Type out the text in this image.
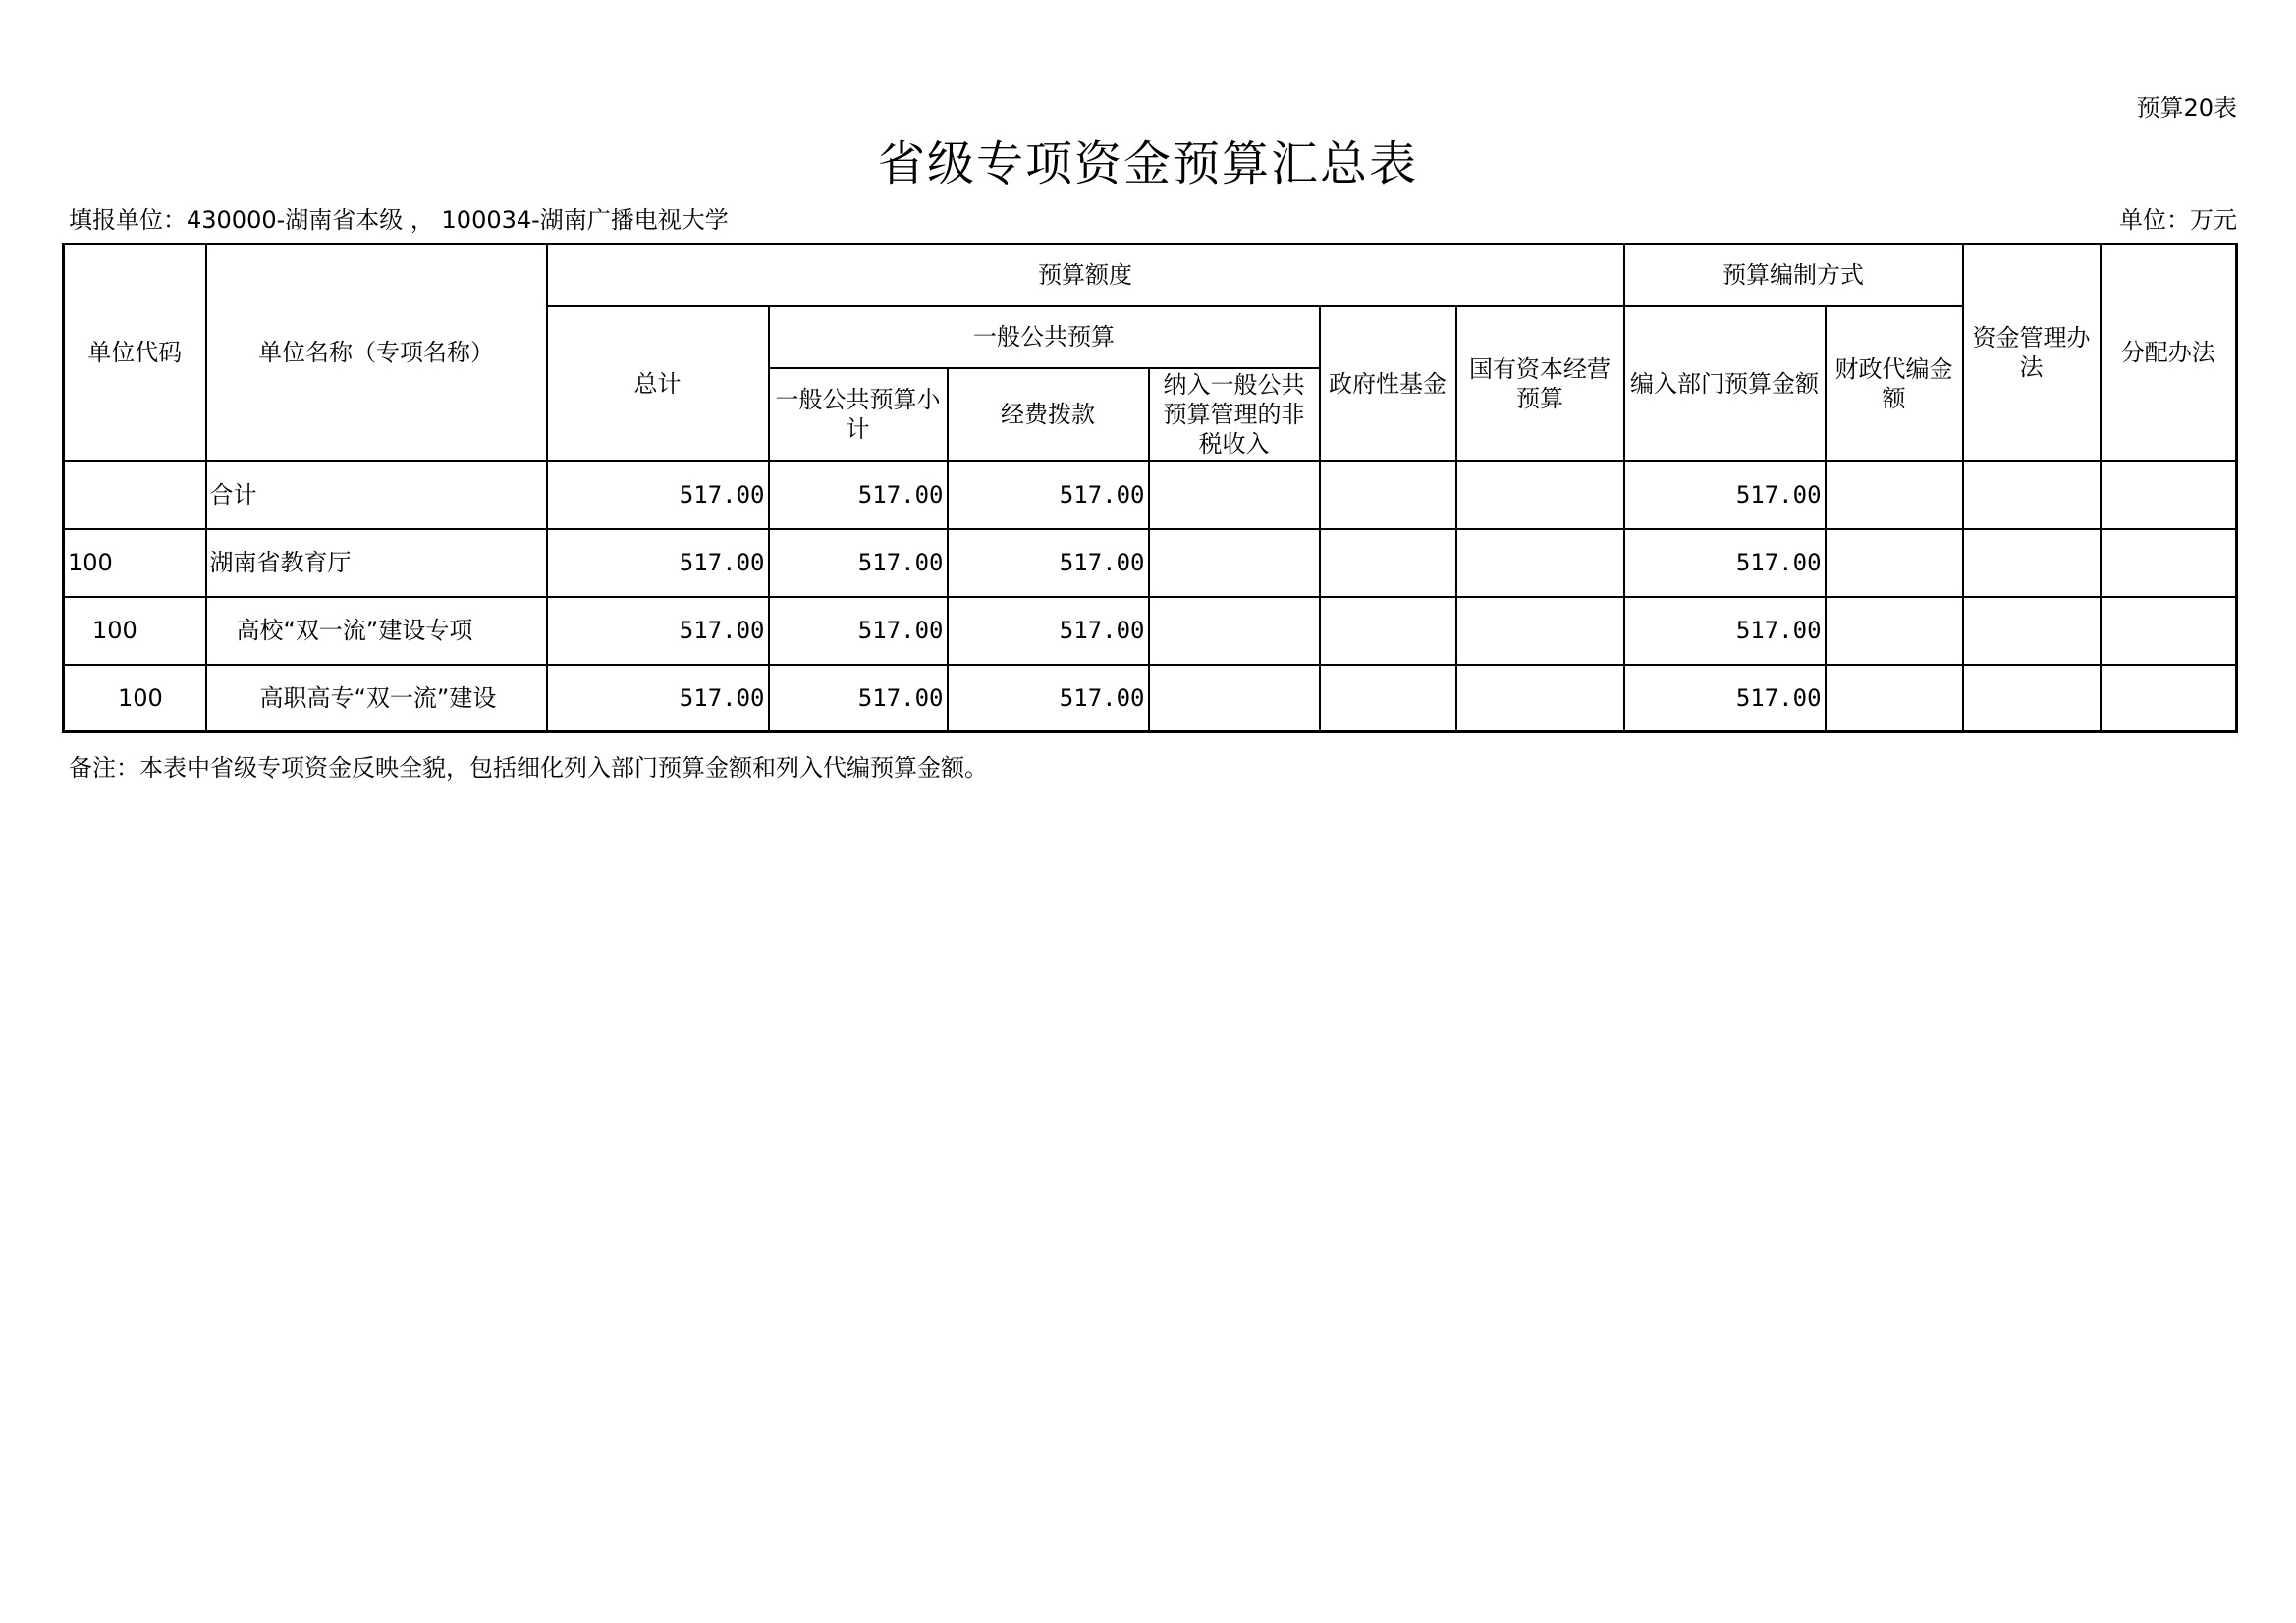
预算20表
省级专项资金预算汇总表
填报单位：430000-湖南省本级 ， 100034-湖南广播电视大学	单位：万元
单位代码	单位名称（专项名称）	预算额度						预算编制方式		资金管理办法	分配办法
		总计	一般公共预算			政府性基金	国有资本经营预算	编入部门预算金额	财政代编金额		
			一般公共预算小计	经费拨款	纳入一般公共预算管理的非税收入						
	合计	517.00	517.00	517.00				517.00			
100	湖南省教育厅	517.00	517.00	517.00				517.00			
100	高校“双一流”建设专项	517.00	517.00	517.00				517.00			
100	高职高专“双一流”建设	517.00	517.00	517.00				517.00			
备注：本表中省级专项资金反映全貌，包括细化列入部门预算金额和列入代编预算金额。
